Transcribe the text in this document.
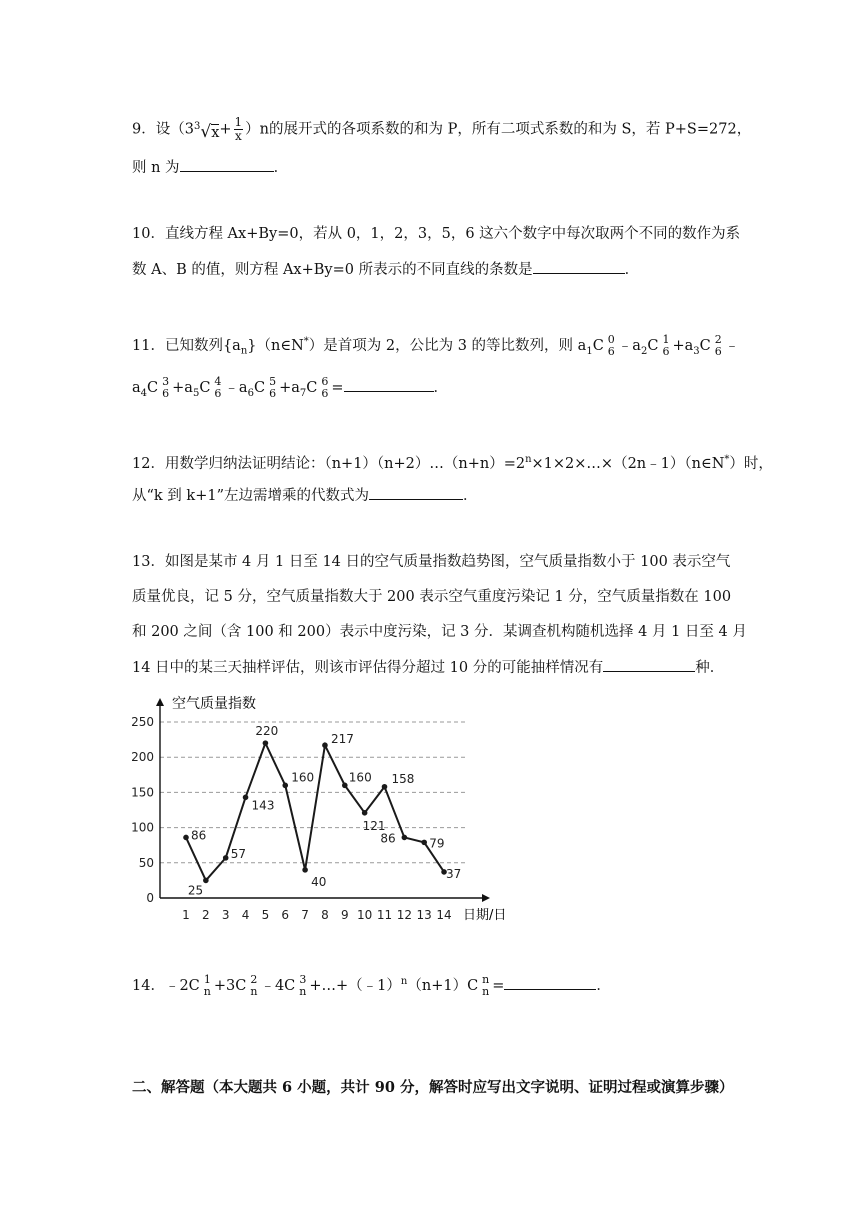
9．设$(3^3√x+ \frac{1}{x} )n$的展开式的各项系数的和为 P，所有二项式系数的和为 S，若 P+S=272，
则 n 为	．
10．直线方程 Ax+By=0，若从 0，1，2，3，5，6 这六个数字中每次取两个不同的数作为系
数 A、B 的值，则方程 Ax+By=0 所表示的不同直线的条数是	．
11．已知数列$\{a_n\}(n\in N^*)$是首项为 2，公比为 3 的等比数列，则 $a_1C$ 0
6 $﹣a_2C$ 1
$6 +a_3C$ 2
6 ﹣
$a_4C$ 3
$6 +a_5C$ 4
6 $﹣a_6C$ 5
$6 +a_7C$ 6
6 =	．
12．用数学归纳法证明结论：$(n+1)(n+2)\dots(n+n)=2^n\times 1\times 2\times\dots\times(2n﹣1)(n\in N^*)$时，
从“k 到 k+1”左边需增乘的代数式为	．
13．如图是某市 4 月 1 日至 14 日的空气质量指数趋势图，空气质量指数小于 100 表示空气
质量优良，记 5 分，空气质量指数大于 200 表示空气重度污染记 1 分，空气质量指数在 100
和 200 之间（含 100 和 200）表示中度污染，记 3 分．某调查机构随机选择 4 月 1 日至 4 月
14 日中的某三天抽样评估，则该市评估得分超过 10 分的可能抽样情况有	种．
空气质量指数
日期/日
0
50
100
150
200
250
1 2 3 4 5 6 7 8 9 10 11 12 13 14
86
25
57
143
220
160
40
217
160
121
158
86	79
37
14．﹣2C 1
n +3C 2
n ﹣4C 3
n +…+（﹣1）$^n$（n+1）C n
n =	．
二、解答题（本大题共 6 小题，共计 90 分，解答时应写出文字说明、证明过程或演算步骤）
